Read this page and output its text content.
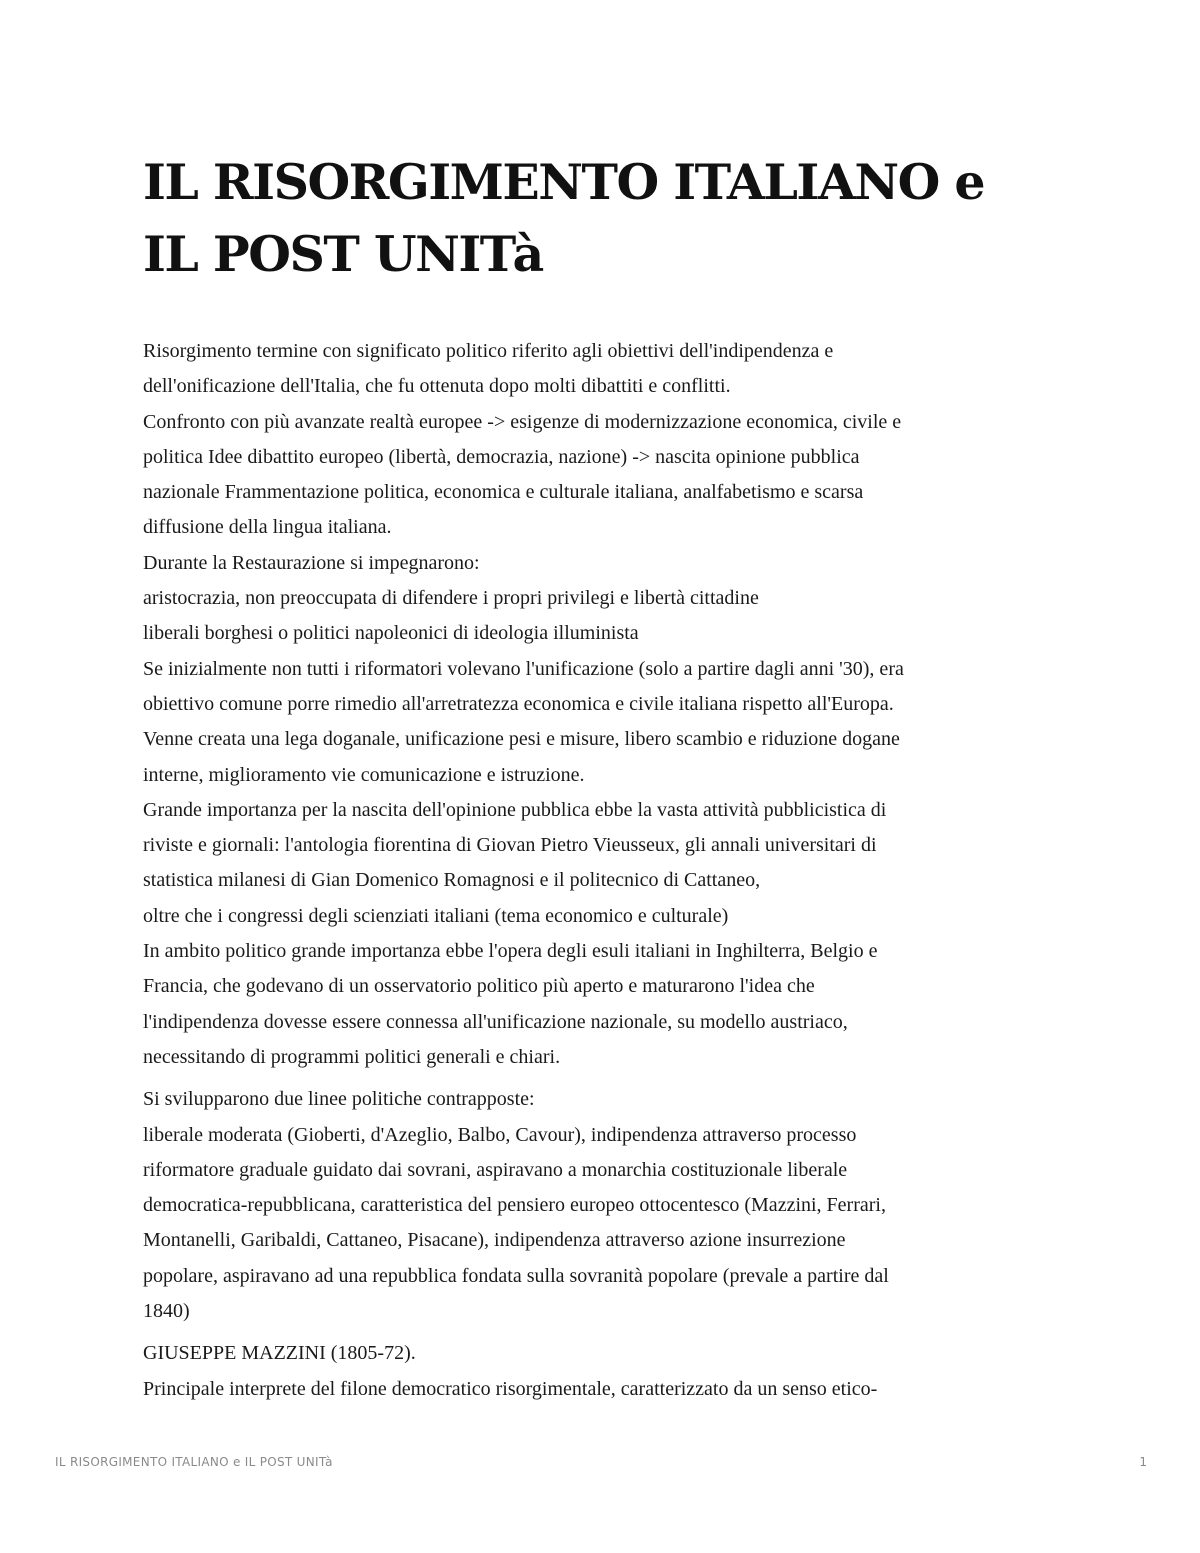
IL RISORGIMENTO ITALIANO e
IL POST UNITà
Risorgimento termine con significato politico riferito agli obiettivi dell'indipendenza e
dell'onificazione dell'Italia, che fu ottenuta dopo molti dibattiti e conflitti.
Confronto con più avanzate realtà europee -> esigenze di modernizzazione economica, civile e
politica Idee dibattito europeo (libertà, democrazia, nazione) -> nascita opinione pubblica
nazionale Frammentazione politica, economica e culturale italiana, analfabetismo e scarsa
diffusione della lingua italiana.
Durante la Restaurazione si impegnarono:
aristocrazia, non preoccupata di difendere i propri privilegi e libertà cittadine
liberali borghesi o politici napoleonici di ideologia illuminista
Se inizialmente non tutti i riformatori volevano l'unificazione (solo a partire dagli anni '30), era
obiettivo comune porre rimedio all'arretratezza economica e civile italiana rispetto all'Europa.
Venne creata una lega doganale, unificazione pesi e misure, libero scambio e riduzione dogane
interne, miglioramento vie comunicazione e istruzione.
Grande importanza per la nascita dell'opinione pubblica ebbe la vasta attività pubblicistica di
riviste e giornali: l'antologia fiorentina di Giovan Pietro Vieusseux, gli annali universitari di
statistica milanesi di Gian Domenico Romagnosi e il politecnico di Cattaneo,
oltre che i congressi degli scienziati italiani (tema economico e culturale)
In ambito politico grande importanza ebbe l'opera degli esuli italiani in Inghilterra, Belgio e
Francia, che godevano di un osservatorio politico più aperto e maturarono l'idea che
l'indipendenza dovesse essere connessa all'unificazione nazionale, su modello austriaco,
necessitando di programmi politici generali e chiari.
Si svilupparono due linee politiche contrapposte:
liberale moderata (Gioberti, d'Azeglio, Balbo, Cavour), indipendenza attraverso processo
riformatore graduale guidato dai sovrani, aspiravano a monarchia costituzionale liberale
democratica-repubblicana, caratteristica del pensiero europeo ottocentesco (Mazzini, Ferrari,
Montanelli, Garibaldi, Cattaneo, Pisacane), indipendenza attraverso azione insurrezione
popolare, aspiravano ad una repubblica fondata sulla sovranità popolare (prevale a partire dal
1840)
GIUSEPPE MAZZINI (1805-72).
Principale interprete del filone democratico risorgimentale, caratterizzato da un senso etico-
IL RISORGIMENTO ITALIANO e IL POST UNITà	1
